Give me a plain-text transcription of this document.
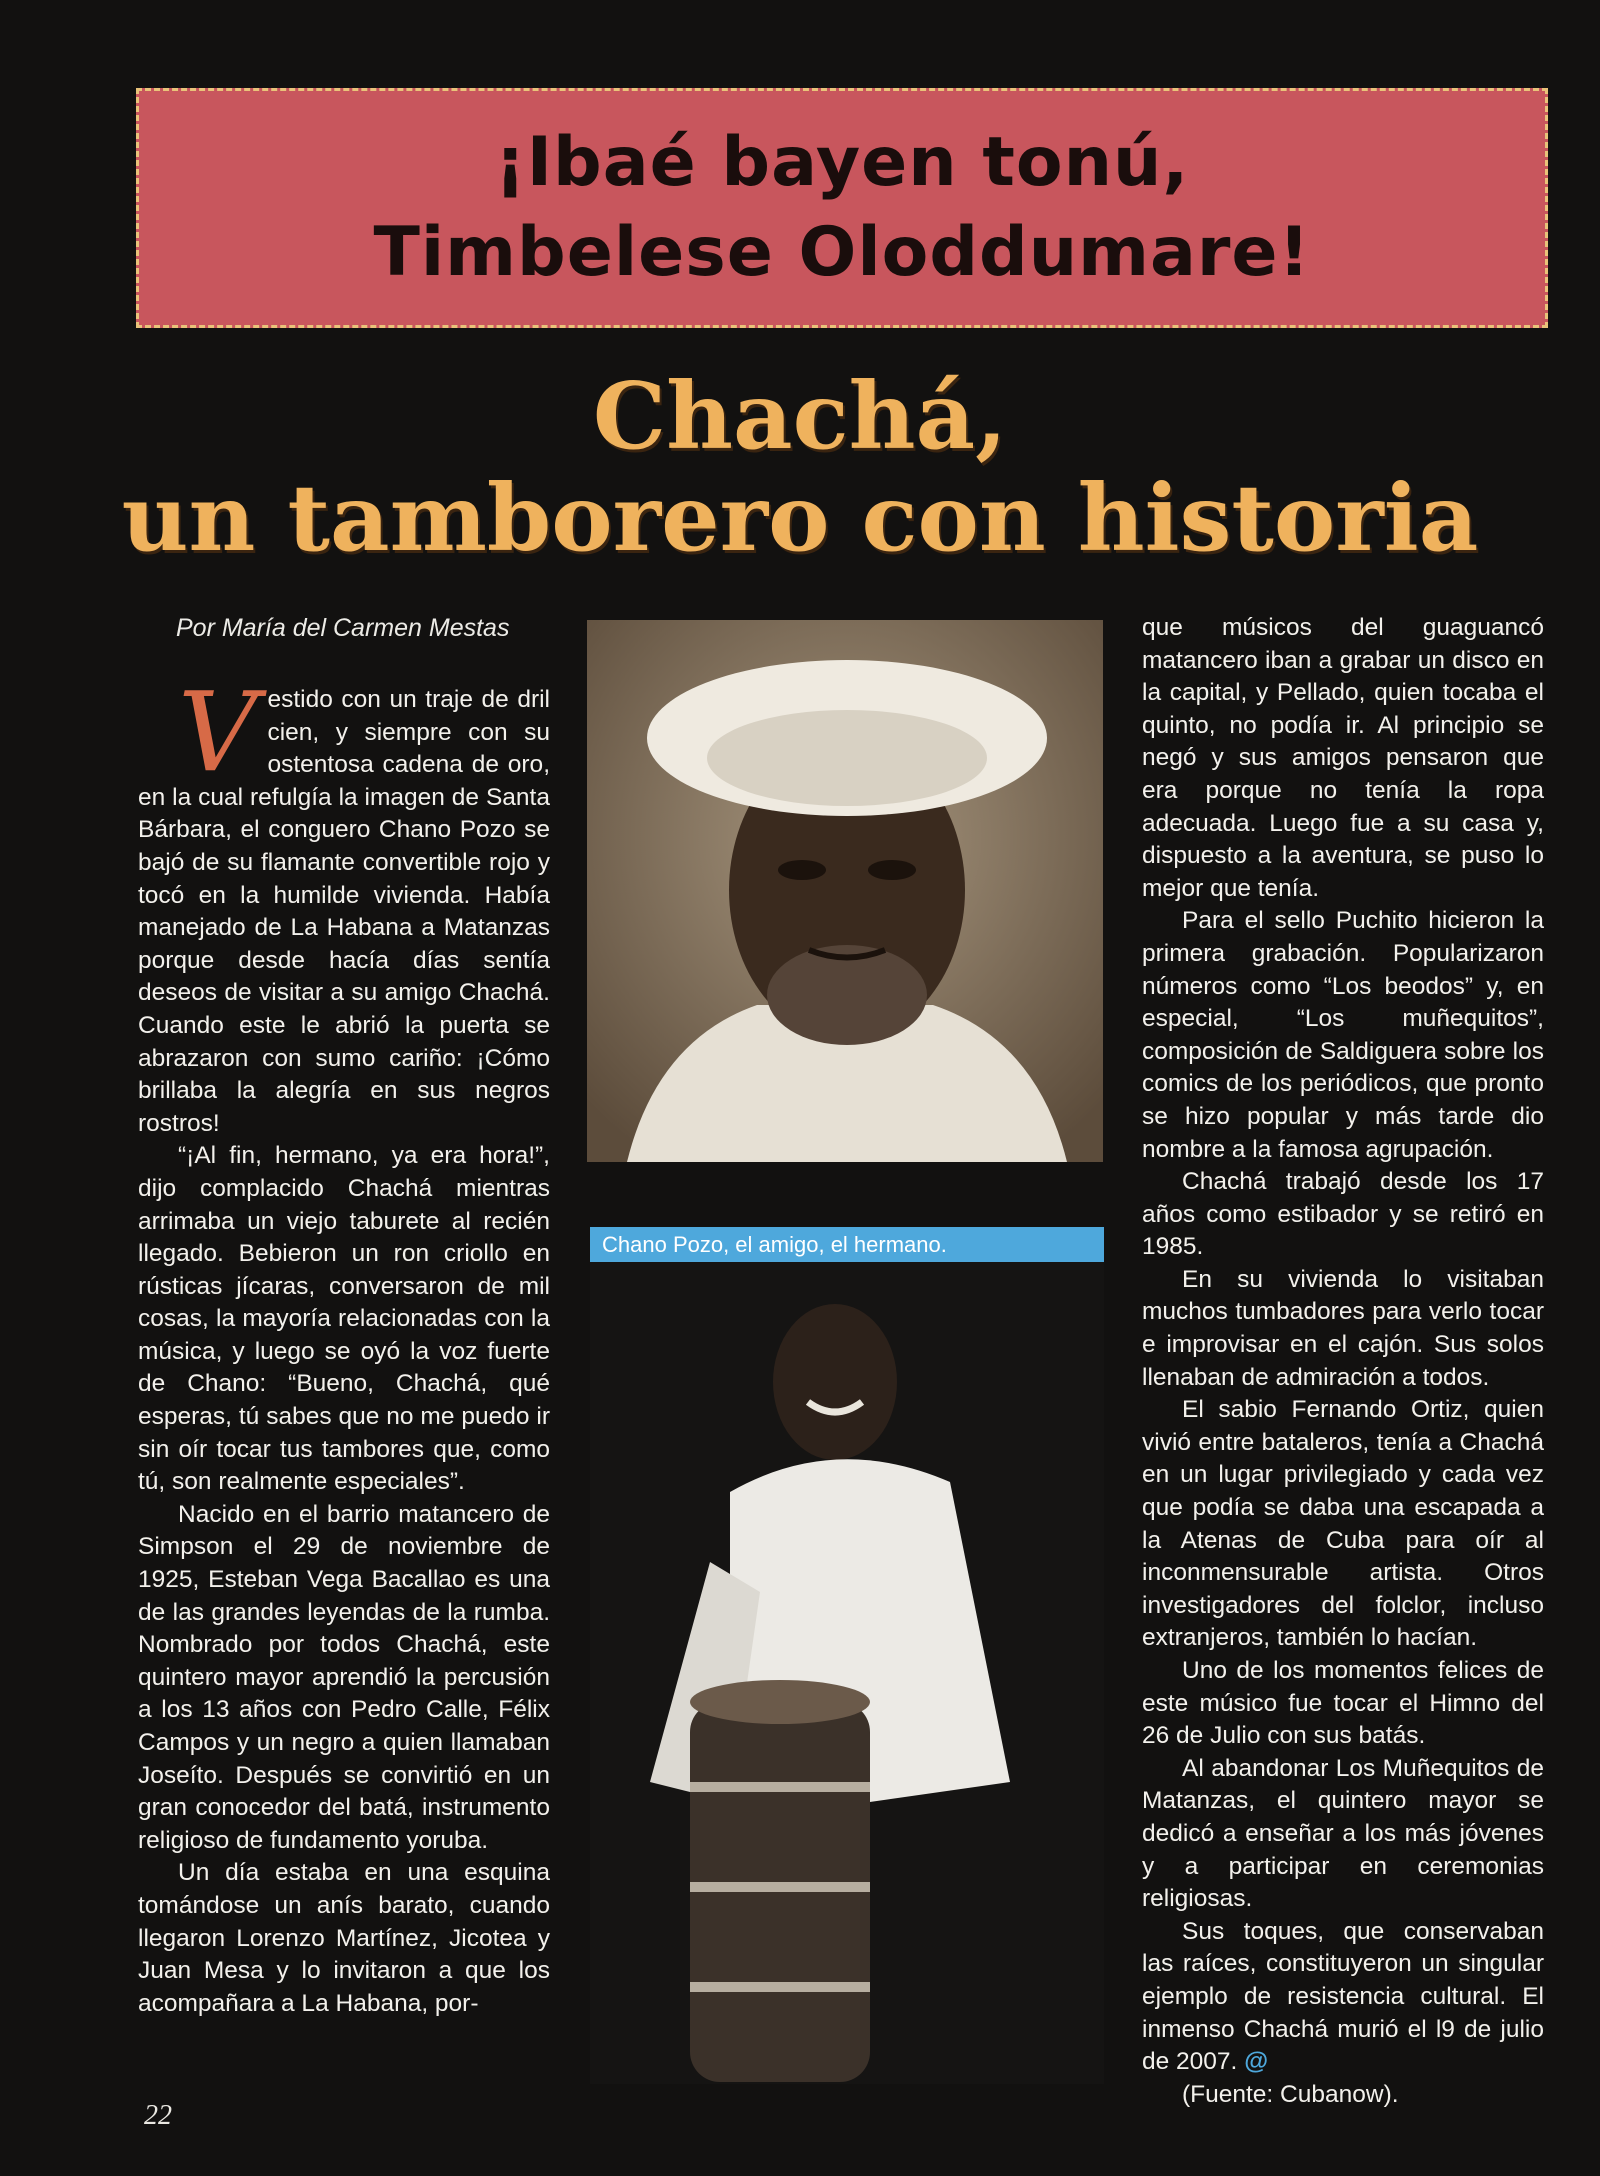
¡Ibaé bayen tonú,
Timbelese Oloddumare!
Chachá,
un tamborero con historia
Por María del Carmen Mestas

Vestido con un traje de dril cien, y siempre con su ostentosa cadena de oro, en la cual refulgía la imagen de Santa Bárbara, el conguero Chano Pozo se bajó de su flamante convertible rojo y tocó en la humilde vivienda. Había manejado de La Habana a Matanzas porque desde hacía días sentía deseos de visitar a su amigo Chachá. Cuando este le abrió la puerta se abrazaron con sumo cariño: ¡Cómo brillaba la alegría en sus negros rostros!

“¡Al fin, hermano, ya era hora!”, dijo complacido Chachá mientras arrimaba un viejo taburete al recién llegado. Bebieron un ron criollo en rústicas jícaras, conversaron de mil cosas, la mayoría relacionadas con la música, y luego se oyó la voz fuerte de Chano: “Bueno, Chachá, qué esperas, tú sabes que no me puedo ir sin oír tocar tus tambores que, como tú, son realmente especiales”.

Nacido en el barrio matancero de Simpson el 29 de noviembre de 1925, Esteban Vega Bacallao es una de las grandes leyendas de la rumba. Nombrado por todos Chachá, este quintero mayor aprendió la percusión a los 13 años con Pedro Calle, Félix Campos y un negro a quien llamaban Joseíto. Después se convirtió en un gran conocedor del batá, instrumento religioso de fundamento yoruba.

Un día estaba en una esquina tomándose un anís barato, cuando llegaron Lorenzo Martínez, Jicotea y Juan Mesa y lo invitaron a que los acompañara a La Habana, por-

Chano Pozo, el amigo, el hermano.

que músicos del guaguancó matancero iban a grabar un disco en la capital, y Pellado, quien tocaba el quinto, no podía ir. Al principio se negó y sus amigos pensaron que era porque no tenía la ropa adecuada. Luego fue a su casa y, dispuesto a la aventura, se puso lo mejor que tenía.

Para el sello Puchito hicieron la primera grabación. Popularizaron números como “Los beodos” y, en especial, “Los muñequitos”, composición de Saldiguera sobre los comics de los periódicos, que pronto se hizo popular y más tarde dio nombre a la famosa agrupación.

Chachá trabajó desde los 17 años como estibador y se retiró en 1985.

En su vivienda lo visitaban muchos tumbadores para verlo tocar e improvisar en el cajón. Sus solos llenaban de admiración a todos.

El sabio Fernando Ortiz, quien vivió entre bataleros, tenía a Chachá en un lugar privilegiado y cada vez que podía se daba una escapada a la Atenas de Cuba para oír al inconmensurable artista. Otros investigadores del folclor, incluso extranjeros, también lo hacían.

Uno de los momentos felices de este músico fue tocar el Himno del 26 de Julio con sus batás.

Al abandonar Los Muñequitos de Matanzas, el quintero mayor se dedicó a enseñar a los más jóvenes y a participar en ceremonias religiosas.

Sus toques, que conservaban las raíces, constituyeron un singular ejemplo de resistencia cultural. El inmenso Chachá murió el l9 de julio de 2007. @

(Fuente: Cubanow).

22
